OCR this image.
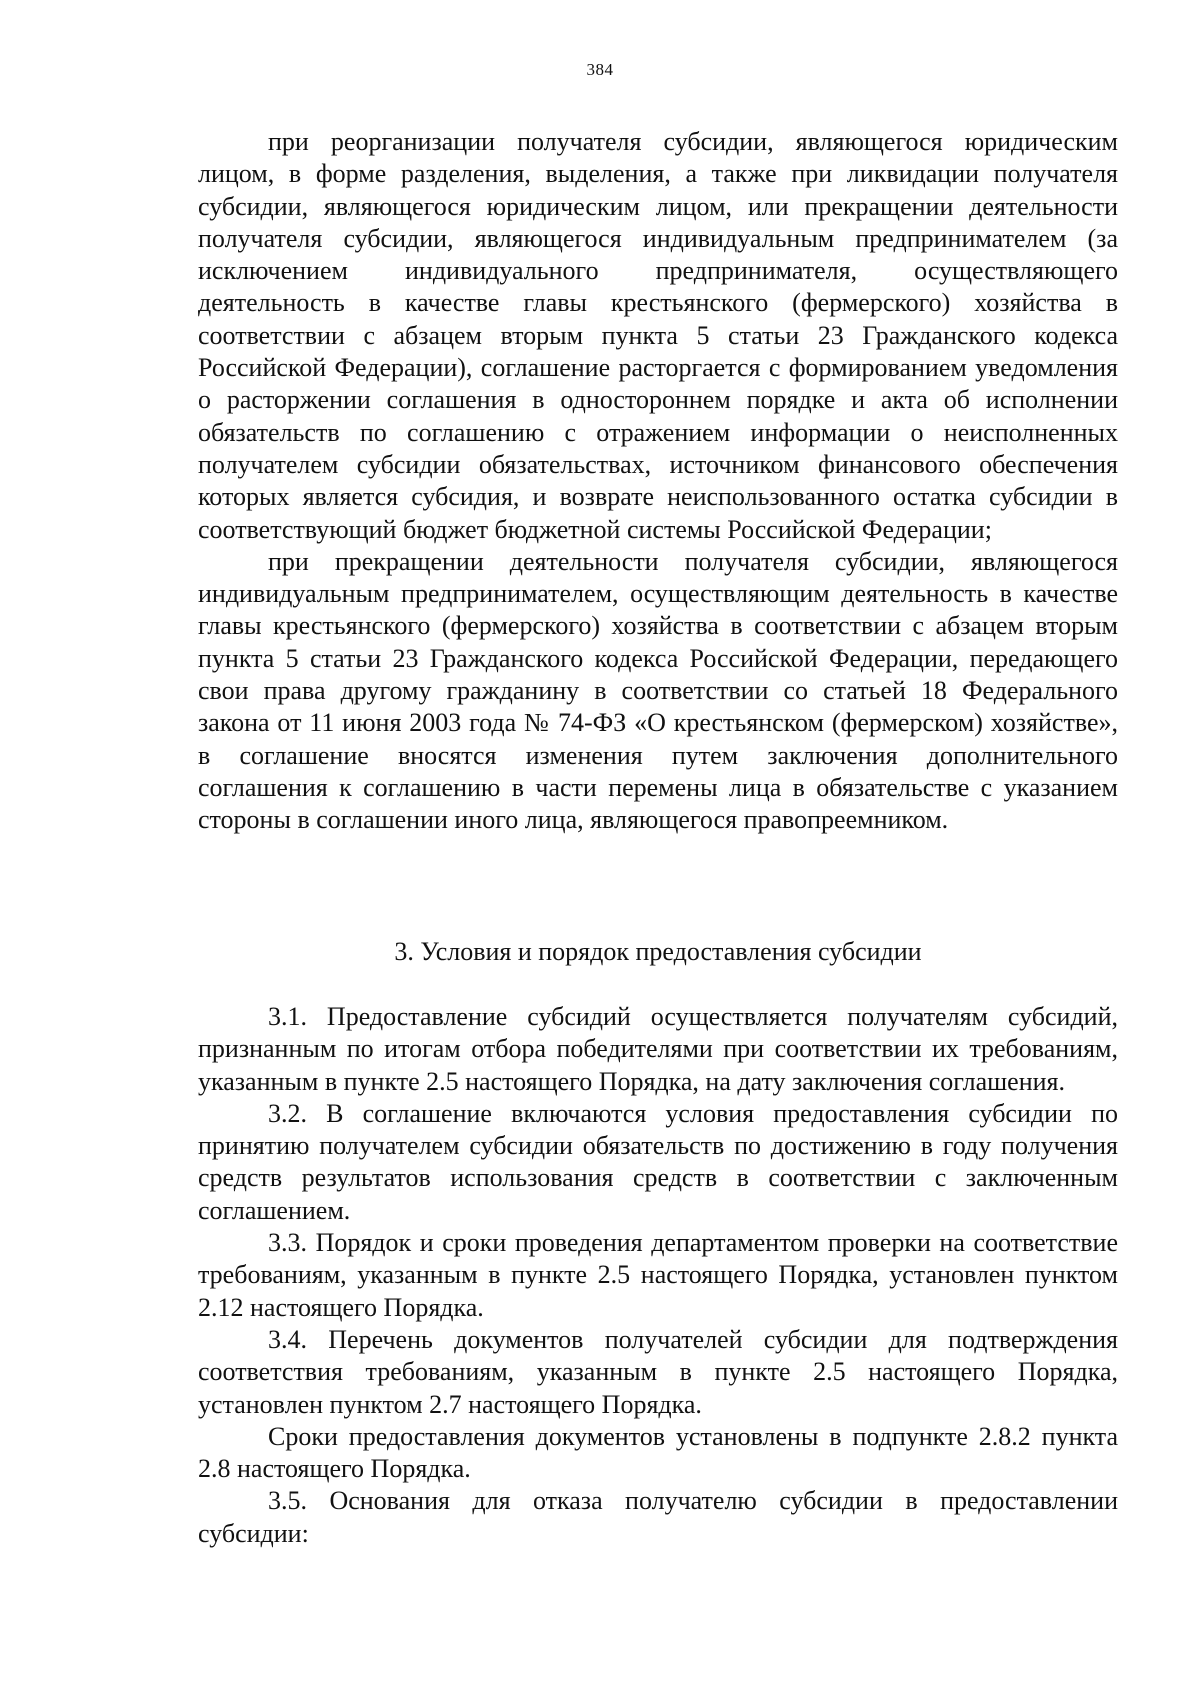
384

при реорганизации получателя субсидии, являющегося юридическим лицом, в форме разделения, выделения, а также при ликвидации получателя субсидии, являющегося юридическим лицом, или прекращении деятельности получателя субсидии, являющегося индивидуальным предпринимателем (за исключением индивидуального предпринимателя, осуществляющего деятельность в качестве главы крестьянского (фермерского) хозяйства в соответствии с абзацем вторым пункта 5 статьи 23 Гражданского кодекса Российской Федерации), соглашение расторгается с формированием уведомления о расторжении соглашения в одностороннем порядке и акта об исполнении обязательств по соглашению с отражением информации о неисполненных получателем субсидии обязательствах, источником финансового обеспечения которых является субсидия, и возврате неиспользованного остатка субсидии в соответствующий бюджет бюджетной системы Российской Федерации;

при прекращении деятельности получателя субсидии, являющегося индивидуальным предпринимателем, осуществляющим деятельность в качестве главы крестьянского (фермерского) хозяйства в соответствии с абзацем вторым пункта 5 статьи 23 Гражданского кодекса Российской Федерации, передающего свои права другому гражданину в соответствии со статьей 18 Федерального закона от 11 июня 2003 года № 74-ФЗ «О крестьянском (фермерском) хозяйстве», в соглашение вносятся изменения путем заключения дополнительного соглашения к соглашению в части перемены лица в обязательстве с указанием стороны в соглашении иного лица, являющегося правопреемником.

3. Условия и порядок предоставления субсидии

3.1. Предоставление субсидий осуществляется получателям субсидий, признанным по итогам отбора победителями при соответствии их требованиям, указанным в пункте 2.5 настоящего Порядка, на дату заключения соглашения.

3.2. В соглашение включаются условия предоставления субсидии по принятию получателем субсидии обязательств по достижению в году получения средств результатов использования средств в соответствии с заключенным соглашением.

3.3. Порядок и сроки проведения департаментом проверки на соответствие требованиям, указанным в пункте 2.5 настоящего Порядка, установлен пунктом 2.12 настоящего Порядка.

3.4. Перечень документов получателей субсидии для подтверждения соответствия требованиям, указанным в пункте 2.5 настоящего Порядка, установлен пунктом 2.7 настоящего Порядка.

Сроки предоставления документов установлены в подпункте 2.8.2 пункта 2.8 настоящего Порядка.

3.5. Основания для отказа получателю субсидии в предоставлении субсидии:
